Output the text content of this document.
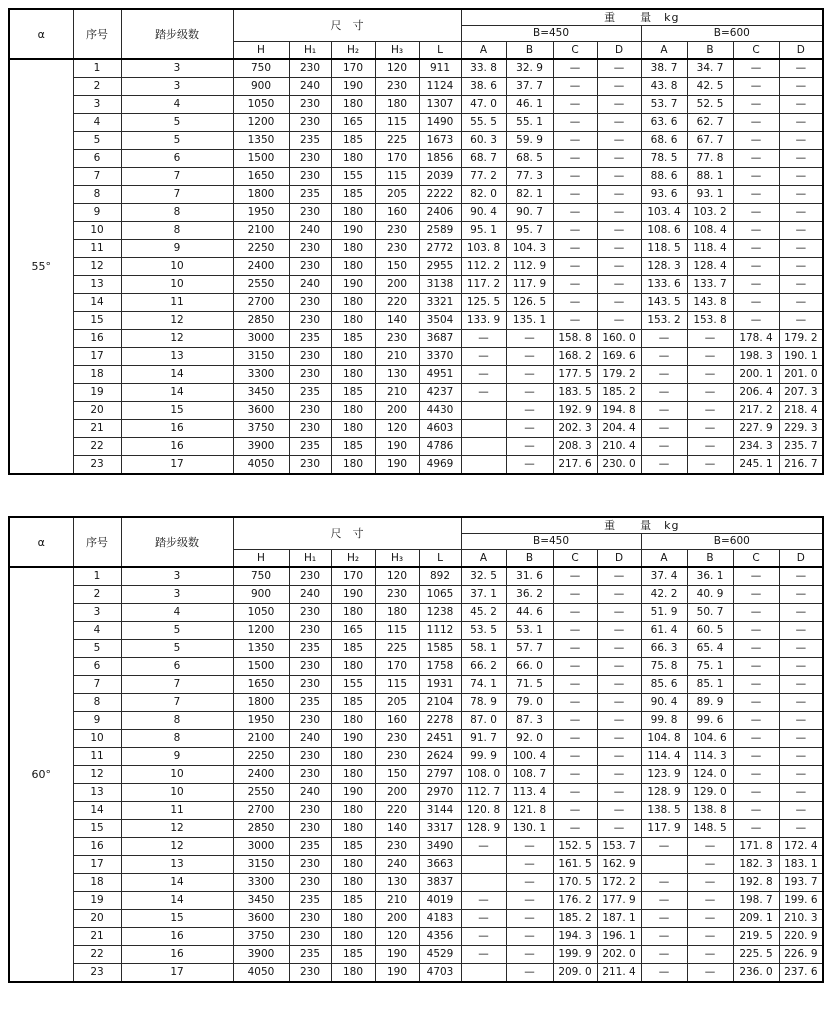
α	序号	踏步级数	尺　寸					重　　量　kg							
								B=450				B=600			
			H	H₁	H₂	H₃	L	A	B	C	D	A	B	C	D
55°	1	3	750	230	170	120	911	33. 8	32. 9	—	—	38. 7	34. 7	—	—
	2	3	900	240	190	230	1124	38. 6	37. 7	—	—	43. 8	42. 5	—	—
	3	4	1050	230	180	180	1307	47. 0	46. 1	—	—	53. 7	52. 5	—	—
	4	5	1200	230	165	115	1490	55. 5	55. 1	—	—	63. 6	62. 7	—	—
	5	5	1350	235	185	225	1673	60. 3	59. 9	—	—	68. 6	67. 7	—	—
	6	6	1500	230	180	170	1856	68. 7	68. 5	—	—	78. 5	77. 8	—	—
	7	7	1650	230	155	115	2039	77. 2	77. 3	—	—	88. 6	88. 1	—	—
	8	7	1800	235	185	205	2222	82. 0	82. 1	—	—	93. 6	93. 1	—	—
	9	8	1950	230	180	160	2406	90. 4	90. 7	—	—	103. 4	103. 2	—	—
	10	8	2100	240	190	230	2589	95. 1	95. 7	—	—	108. 6	108. 4	—	—
	11	9	2250	230	180	230	2772	103. 8	104. 3	—	—	118. 5	118. 4	—	—
	12	10	2400	230	180	150	2955	112. 2	112. 9	—	—	128. 3	128. 4	—	—
	13	10	2550	240	190	200	3138	117. 2	117. 9	—	—	133. 6	133. 7	—	—
	14	11	2700	230	180	220	3321	125. 5	126. 5	—	—	143. 5	143. 8	—	—
	15	12	2850	230	180	140	3504	133. 9	135. 1	—	—	153. 2	153. 8	—	—
	16	12	3000	235	185	230	3687	—	—	158. 8	160. 0	—	—	178. 4	179. 2
	17	13	3150	230	180	210	3370	—	—	168. 2	169. 6	—	—	198. 3	190. 1
	18	14	3300	230	180	130	4951	—	—	177. 5	179. 2	—	—	200. 1	201. 0
	19	14	3450	235	185	210	4237	—	—	183. 5	185. 2	—	—	206. 4	207. 3
	20	15	3600	230	180	200	4430		—	192. 9	194. 8	—	—	217. 2	218. 4
	21	16	3750	230	180	120	4603		—	202. 3	204. 4	—	—	227. 9	229. 3
	22	16	3900	235	185	190	4786		—	208. 3	210. 4	—	—	234. 3	235. 7
	23	17	4050	230	180	190	4969		—	217. 6	230. 0	—	—	245. 1	216. 7
α	序号	踏步级数	尺　寸					重　　量　kg							
								B=450				B=600			
			H	H₁	H₂	H₃	L	A	B	C	D	A	B	C	D
60°	1	3	750	230	170	120	892	32. 5	31. 6	—	—	37. 4	36. 1	—	—
	2	3	900	240	190	230	1065	37. 1	36. 2	—	—	42. 2	40. 9	—	—
	3	4	1050	230	180	180	1238	45. 2	44. 6	—	—	51. 9	50. 7	—	—
	4	5	1200	230	165	115	1112	53. 5	53. 1	—	—	61. 4	60. 5	—	—
	5	5	1350	235	185	225	1585	58. 1	57. 7	—	—	66. 3	65. 4	—	—
	6	6	1500	230	180	170	1758	66. 2	66. 0	—	—	75. 8	75. 1	—	—
	7	7	1650	230	155	115	1931	74. 1	71. 5	—	—	85. 6	85. 1	—	—
	8	7	1800	235	185	205	2104	78. 9	79. 0	—	—	90. 4	89. 9	—	—
	9	8	1950	230	180	160	2278	87. 0	87. 3	—	—	99. 8	99. 6	—	—
	10	8	2100	240	190	230	2451	91. 7	92. 0	—	—	104. 8	104. 6	—	—
	11	9	2250	230	180	230	2624	99. 9	100. 4	—	—	114. 4	114. 3	—	—
	12	10	2400	230	180	150	2797	108. 0	108. 7	—	—	123. 9	124. 0	—	—
	13	10	2550	240	190	200	2970	112. 7	113. 4	—	—	128. 9	129. 0	—	—
	14	11	2700	230	180	220	3144	120. 8	121. 8	—	—	138. 5	138. 8	—	—
	15	12	2850	230	180	140	3317	128. 9	130. 1	—	—	117. 9	148. 5	—	—
	16	12	3000	235	185	230	3490	—	—	152. 5	153. 7	—	—	171. 8	172. 4
	17	13	3150	230	180	240	3663		—	161. 5	162. 9		—	182. 3	183. 1
	18	14	3300	230	180	130	3837		—	170. 5	172. 2	—	—	192. 8	193. 7
	19	14	3450	235	185	210	4019	—	—	176. 2	177. 9	—	—	198. 7	199. 6
	20	15	3600	230	180	200	4183	—	—	185. 2	187. 1	—	—	209. 1	210. 3
	21	16	3750	230	180	120	4356	—	—	194. 3	196. 1	—	—	219. 5	220. 9
	22	16	3900	235	185	190	4529	—	—	199. 9	202. 0	—	—	225. 5	226. 9
	23	17	4050	230	180	190	4703		—	209. 0	211. 4	—	—	236. 0	237. 6
